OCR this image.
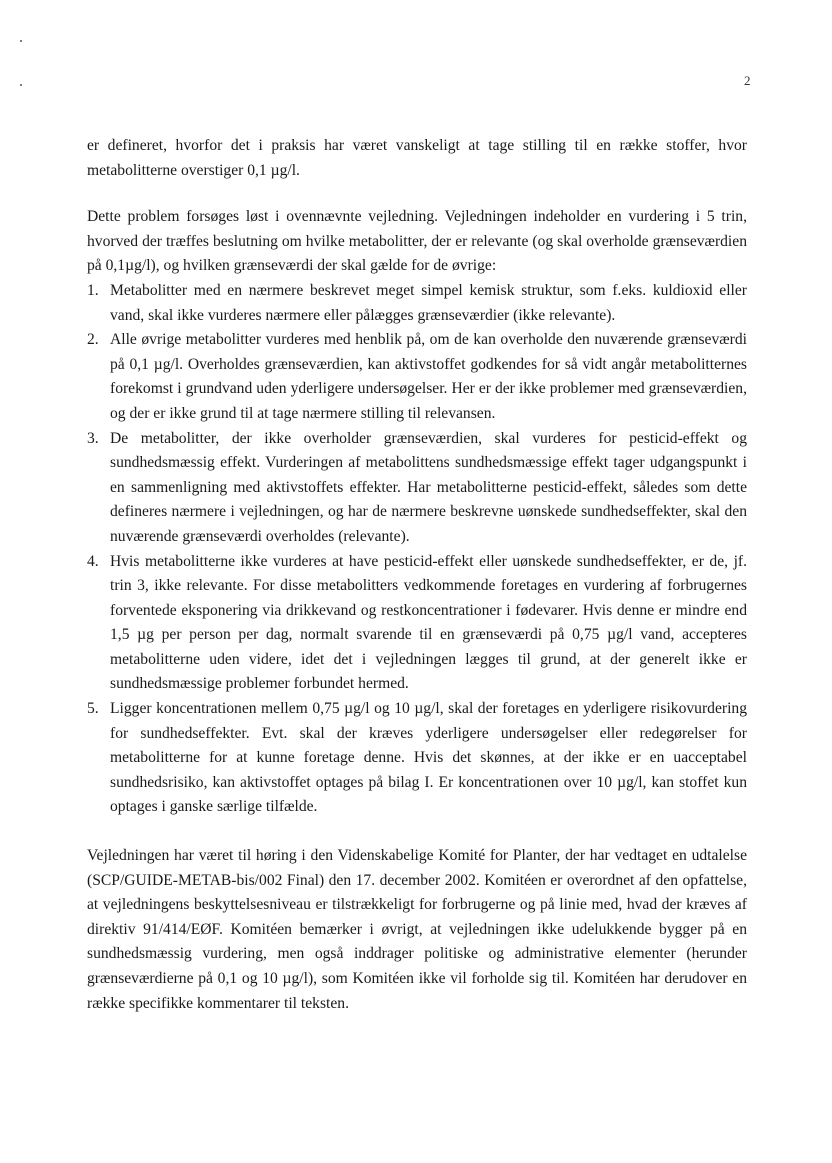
2

er defineret, hvorfor det i praksis har været vanskeligt at tage stilling til en række stoffer, hvor metabolitterne overstiger 0,1 µg/l.

Dette problem forsøges løst i ovennævnte vejledning. Vejledningen indeholder en vurdering i 5 trin, hvorved der træffes beslutning om hvilke metabolitter, der er relevante (og skal overholde grænseværdien på 0,1µg/l), og hvilken grænseværdi der skal gælde for de øvrige:

1. Metabolitter med en nærmere beskrevet meget simpel kemisk struktur, som f.eks. kuldioxid eller vand, skal ikke vurderes nærmere eller pålægges grænseværdier (ikke relevante).
2. Alle øvrige metabolitter vurderes med henblik på, om de kan overholde den nuværende grænseværdi på 0,1 µg/l. Overholdes grænseværdien, kan aktivstoffet godkendes for så vidt angår metabolitternes forekomst i grundvand uden yderligere undersøgelser. Her er der ikke problemer med grænseværdien, og der er ikke grund til at tage nærmere stilling til relevansen.
3. De metabolitter, der ikke overholder grænseværdien, skal vurderes for pesticid-effekt og sundhedsmæssig effekt. Vurderingen af metabolittens sundhedsmæssige effekt tager udgangspunkt i en sammenligning med aktivstoffets effekter. Har metabolitterne pesticid-effekt, således som dette defineres nærmere i vejledningen, og har de nærmere beskrevne uønskede sundhedseffekter, skal den nuværende grænseværdi overholdes (relevante).
4. Hvis metabolitterne ikke vurderes at have pesticid-effekt eller uønskede sundhedseffekter, er de, jf. trin 3, ikke relevante. For disse metabolitters vedkommende foretages en vurdering af forbrugernes forventede eksponering via drikkevand og restkoncentrationer i fødevarer. Hvis denne er mindre end 1,5 µg per person per dag, normalt svarende til en grænseværdi på 0,75 µg/l vand, accepteres metabolitterne uden videre, idet det i vejledningen lægges til grund, at der generelt ikke er sundhedsmæssige problemer forbundet hermed.
5. Ligger koncentrationen mellem 0,75 µg/l og 10 µg/l, skal der foretages en yderligere risikovurdering for sundhedseffekter. Evt. skal der kræves yderligere undersøgelser eller redegørelser for metabolitterne for at kunne foretage denne. Hvis det skønnes, at der ikke er en uacceptabel sundhedsrisiko, kan aktivstoffet optages på bilag I. Er koncentrationen over 10 µg/l, kan stoffet kun optages i ganske særlige tilfælde.

Vejledningen har været til høring i den Videnskabelige Komité for Planter, der har vedtaget en udtalelse (SCP/GUIDE-METAB-bis/002 Final) den 17. december 2002. Komitéen er overordnet af den opfattelse, at vejledningens beskyttelsesniveau er tilstrækkeligt for forbrugerne og på linie med, hvad der kræves af direktiv 91/414/EØF. Komitéen bemærker i øvrigt, at vejledningen ikke udelukkende bygger på en sundhedsmæssig vurdering, men også inddrager politiske og administrative elementer (herunder grænseværdierne på 0,1 og 10 µg/l), som Komitéen ikke vil forholde sig til. Komitéen har derudover en række specifikke kommentarer til teksten.
